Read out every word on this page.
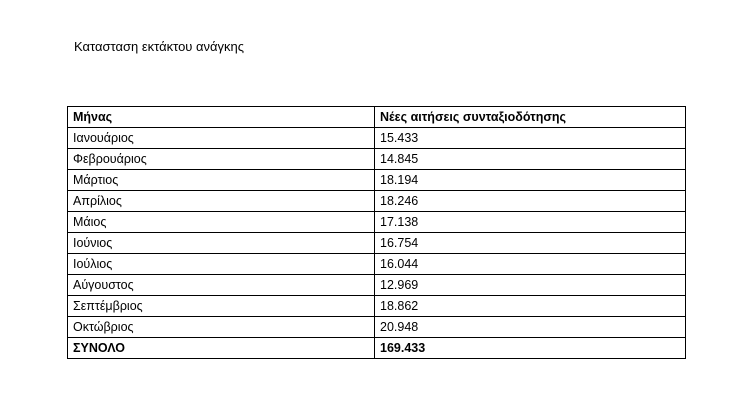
Κατασταση εκτάκτου ανάγκης
Μήνας	Νέες αιτήσεις συνταξιοδότησης
Ιανουάριος	15.433
Φεβρουάριος	14.845
Μάρτιος	18.194
Απρίλιος	18.246
Μάιος	17.138
Ιούνιος	16.754
Ιούλιος	16.044
Αύγουστος	12.969
Σεπτέμβριος	18.862
Οκτώβριος	20.948
ΣΥΝΟΛΟ	169.433
